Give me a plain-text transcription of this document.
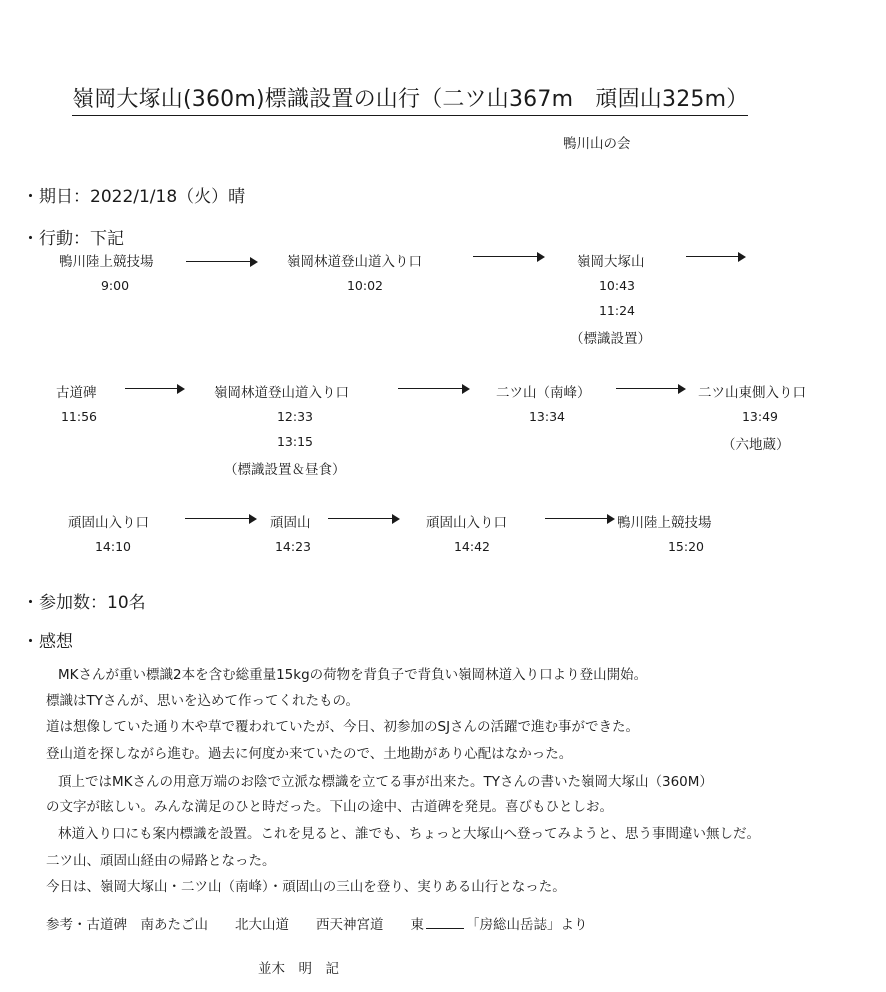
嶺岡大塚山(360m)標識設置の山行（二ツ山367m　頑固山325m）
鴨川山の会
・期日：2022/1/18（火）晴
・行動：下記
鴨川陸上競技場
9:00
嶺岡林道登山道入り口
10:02
嶺岡大塚山
10:43
11:24
（標識設置）
古道碑
11:56
嶺岡林道登山道入り口
12:33
13:15
（標識設置＆昼食）
二ツ山（南峰）
13:34
二ツ山東側入り口
13:49
（六地蔵）
頑固山入り口
14:10
頑固山
14:23
頑固山入り口
14:42
鴨川陸上競技場
15:20
・参加数：10名
・感想
MKさんが重い標識2本を含む総重量15kgの荷物を背負子で背負い嶺岡林道入り口より登山開始。
標識はTYさんが、思いを込めて作ってくれたもの。
道は想像していた通り木や草で覆われていたが、今日、初参加のSJさんの活躍で進む事ができた。
登山道を探しながら進む。過去に何度か来ていたので、土地勘があり心配はなかった。
頂上ではMKさんの用意万端のお陰で立派な標識を立てる事が出来た。TYさんの書いた嶺岡大塚山（360M）
の文字が眩しい。みんな満足のひと時だった。下山の途中、古道碑を発見。喜びもひとしお。
林道入り口にも案内標識を設置。これを見ると、誰でも、ちょっと大塚山へ登ってみようと、思う事間違い無しだ。
二ツ山、頑固山経由の帰路となった。
今日は、嶺岡大塚山・二ツ山（南峰）・頑固山の三山を登り、実りある山行となった。
参考・古道碑　南あたご山　　北大山道　　西天神宮道　　東	「房総山岳誌」より
並木　明　記
